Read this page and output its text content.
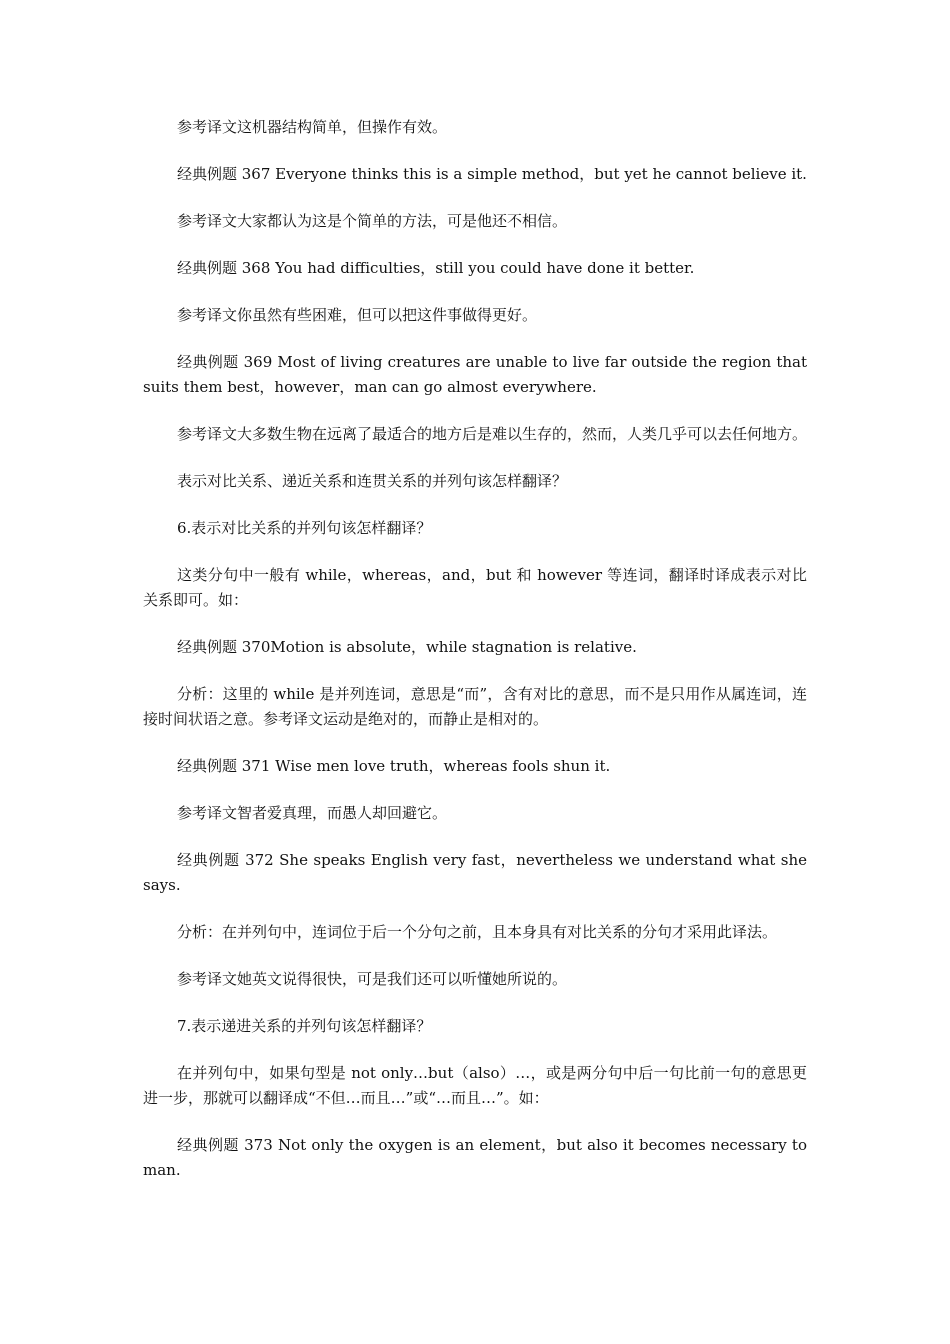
参考译文这机器结构简单，但操作有效。

经典例题 367 Everyone thinks this is a simple method，but yet he cannot believe it.

参考译文大家都认为这是个简单的方法，可是他还不相信。

经典例题 368 You had difficulties，still you could have done it better.

参考译文你虽然有些困难，但可以把这件事做得更好。

经典例题 369 Most of living creatures are unable to live far outside the region that suits them best，however，man can go almost everywhere.

参考译文大多数生物在远离了最适合的地方后是难以生存的，然而，人类几乎可以去任何地方。

表示对比关系、递近关系和连贯关系的并列句该怎样翻译？

6.表示对比关系的并列句该怎样翻译？

这类分句中一般有 while，whereas，and，but 和 however 等连词，翻译时译成表示对比关系即可。如：

经典例题 370Motion is absolute，while stagnation is relative.

分析：这里的 while 是并列连词，意思是“而”，含有对比的意思，而不是只用作从属连词，连接时间状语之意。参考译文运动是绝对的，而静止是相对的。

经典例题 371 Wise men love truth，whereas fools shun it.

参考译文智者爱真理，而愚人却回避它。

经典例题 372 She speaks English very fast，nevertheless we understand what she says.

分析：在并列句中，连词位于后一个分句之前，且本身具有对比关系的分句才采用此译法。

参考译文她英文说得很快，可是我们还可以听懂她所说的。

7.表示递进关系的并列句该怎样翻译？

在并列句中，如果句型是 not only…but（also）…，或是两分句中后一句比前一句的意思更进一步，那就可以翻译成“不但…而且…”或“…而且…”。如：

经典例题 373 Not only the oxygen is an element，but also it becomes necessary to man.
